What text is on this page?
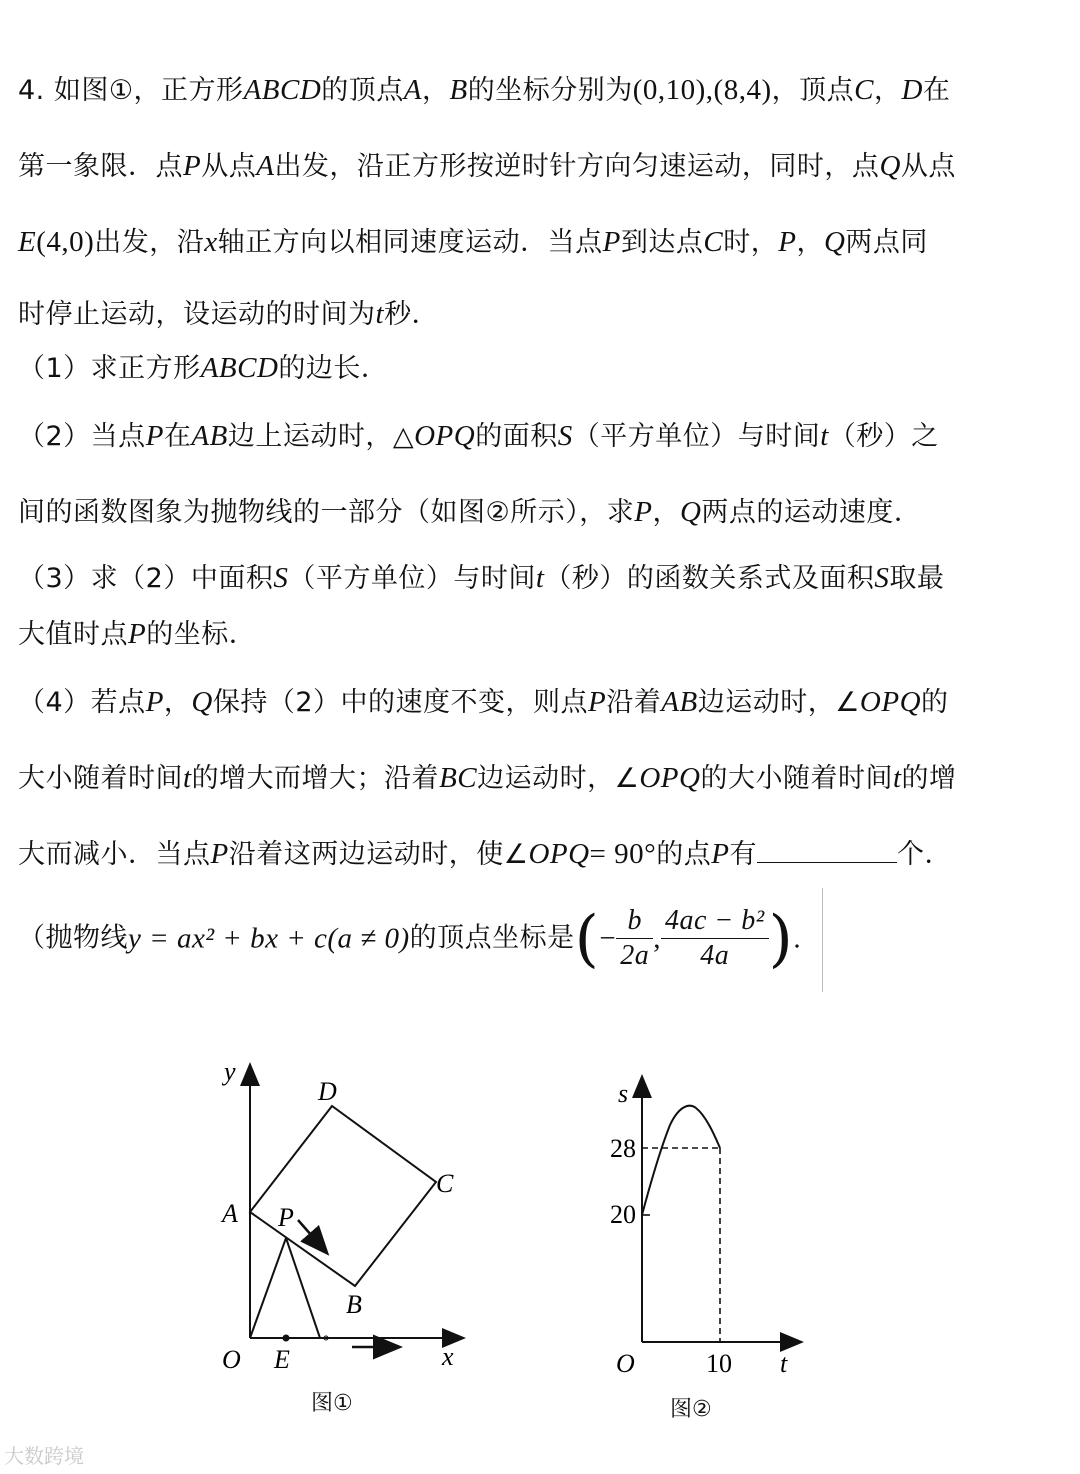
4. 如图①，正方形ABCD的顶点A，B的坐标分别为(0,10),(8,4)，顶点C，D在
第一象限．点P从点A出发，沿正方形按逆时针方向匀速运动，同时，点Q从点
E(4,0)出发，沿x轴正方向以相同速度运动．当点P到达点C时，P，Q两点同
时停止运动，设运动的时间为t秒．
（1）求正方形ABCD的边长．
（2）当点P在AB边上运动时，△OPQ的面积S（平方单位）与时间t（秒）之
间的函数图象为抛物线的一部分（如图②所示），求P，Q两点的运动速度．
（3）求（2）中面积S（平方单位）与时间t（秒）的函数关系式及面积S取最
大值时点P的坐标．
（4）若点P，Q保持（2）中的速度不变，则点P沿着AB边运动时，∠OPQ的
大小随着时间t的增大而增大；沿着BC边运动时，∠OPQ的大小随着时间t的增
大而减小．当点P沿着这两边运动时，使∠OPQ= 90°的点P有	个．
（抛物线y = ax² + bx + c(a ≠ 0)的顶点坐标是(− $\frac{b}{2a}$ , $\frac{\text{4ac − b²}}{4a}$ ).
y
x
O E
A
B
C
D
P
图①
s
t
O
28
20
10
图②
大数跨境
